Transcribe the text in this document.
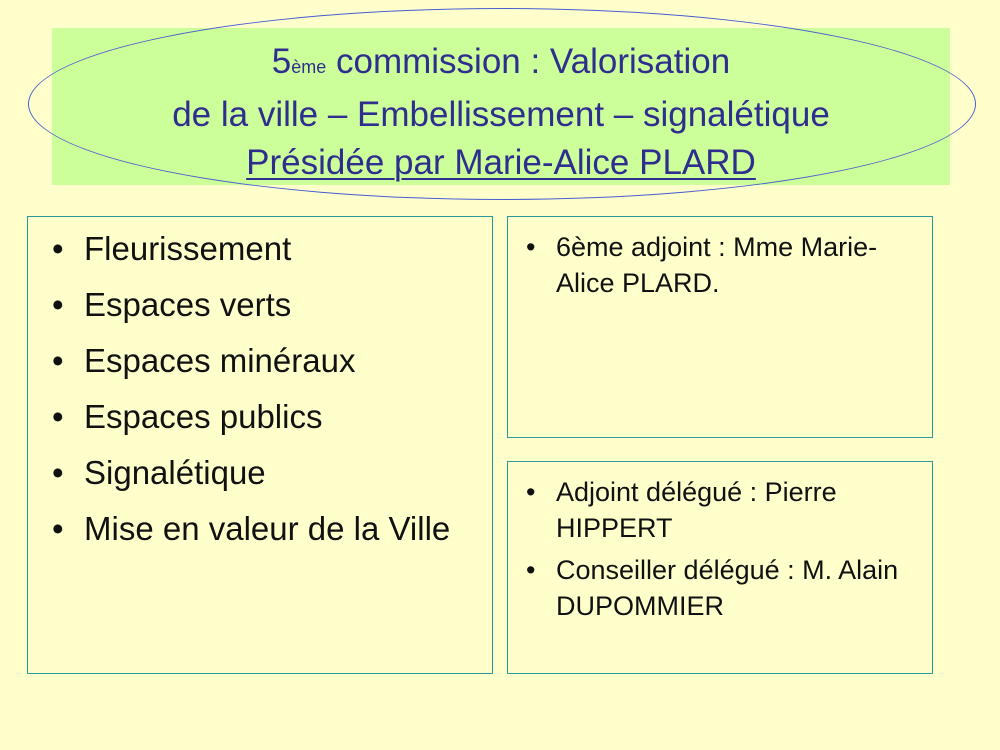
5ème commission : Valorisation
de la ville – Embellissement – signalétique
Présidée par Marie-Alice PLARD
• Fleurissement
• Espaces verts
• Espaces minéraux
• Espaces publics
• Signalétique
• Mise en valeur de la Ville
• 6ème adjoint : Mme Marie-Alice PLARD.
• Adjoint délégué : Pierre HIPPERT
• Conseiller délégué : M. Alain DUPOMMIER
